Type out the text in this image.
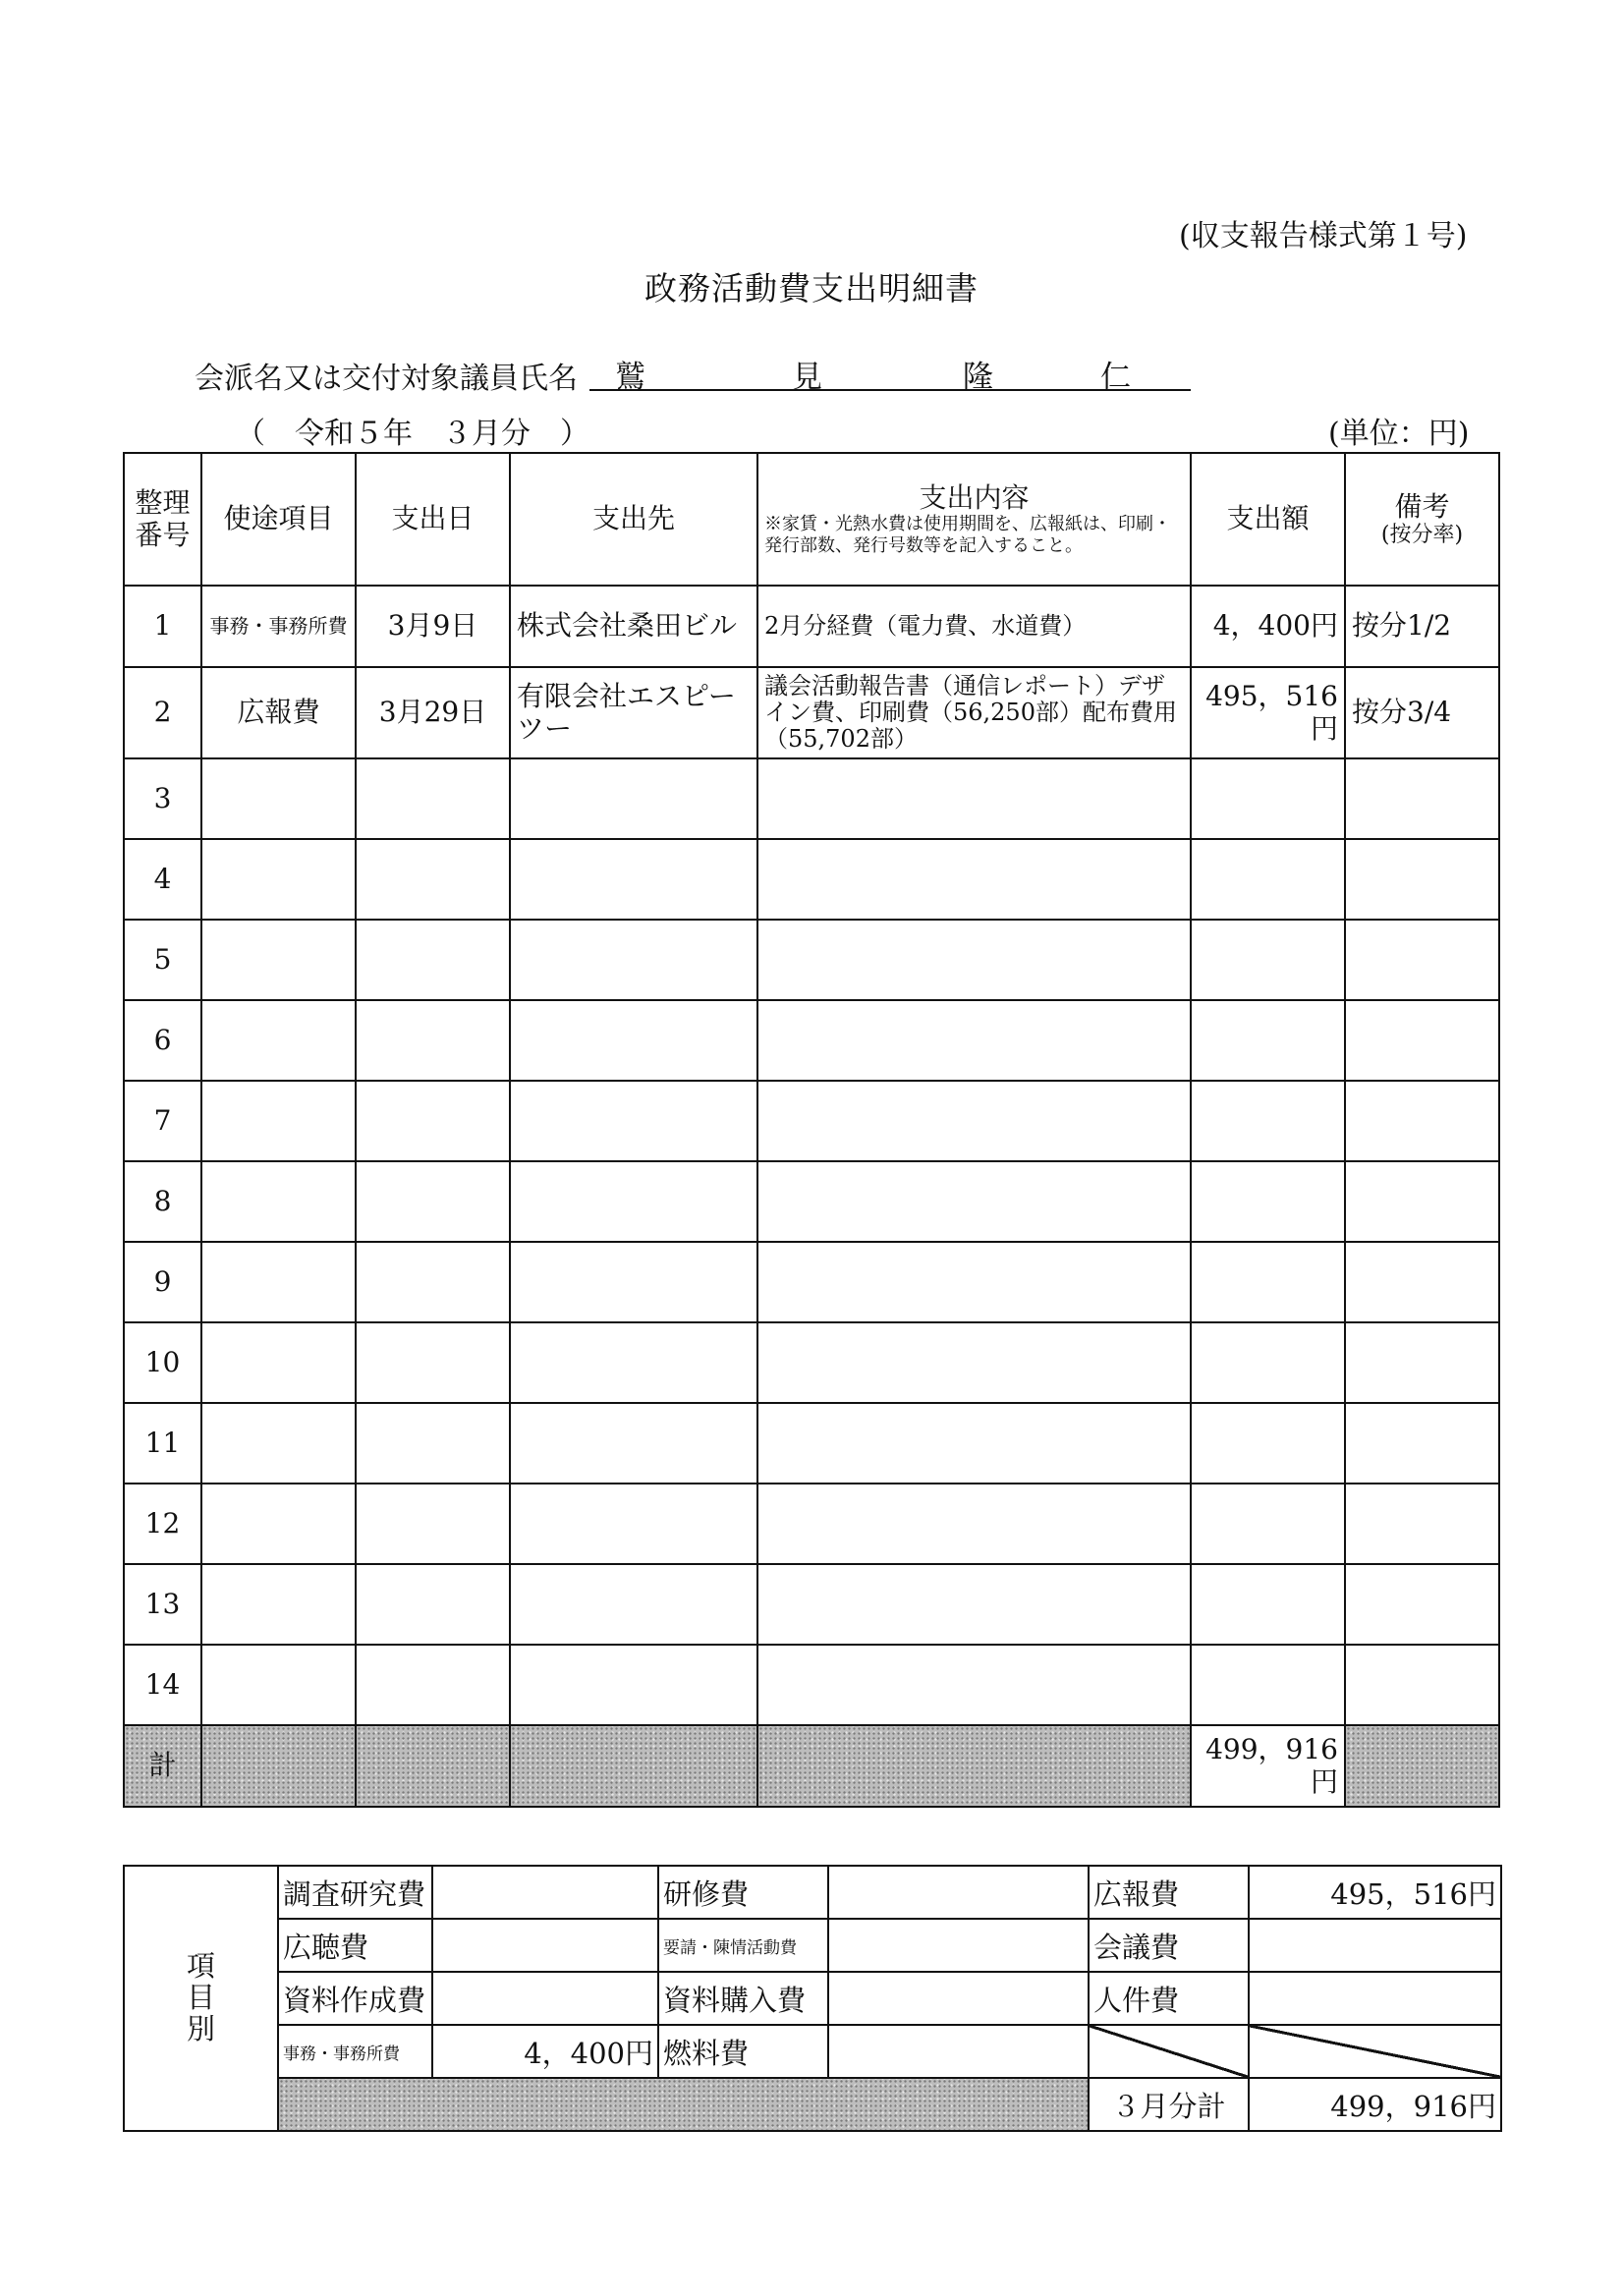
(収支報告様式第１号)
政務活動費支出明細書
会派名又は交付対象議員氏名 鷲	見	隆	仁
（　令和５年　３月分　）	(単位：円)
整理番号	使途項目	支出日	支出先	支出内容
※家賃・光熱水費は使用期間を、広報紙は、印刷・発行部数、発行号数等を記入すること。	支出額	備考
(按分率)

1	事務・事務所費	3月9日	株式会社桑田ビル	2月分経費（電力費、水道費）	4，400円	按分1/2
2	広報費	3月29日	有限会社エスピーツー	議会活動報告書（通信レポート）デザイン費、印刷費（56,250部）配布費用（55,702部）	495，516円	按分3/4
3						
4						
5						
6						
7						
8						
9						
10						
11						
12						
13						
14						
計					499，916円	
項目別	調査研究費		研修費		広報費	495，516円
	広聴費		要請・陳情活動費		会議費	
	資料作成費		資料購入費		人件費	
	事務・事務所費	4，400円	燃料費			
					３月分計	499，916円
